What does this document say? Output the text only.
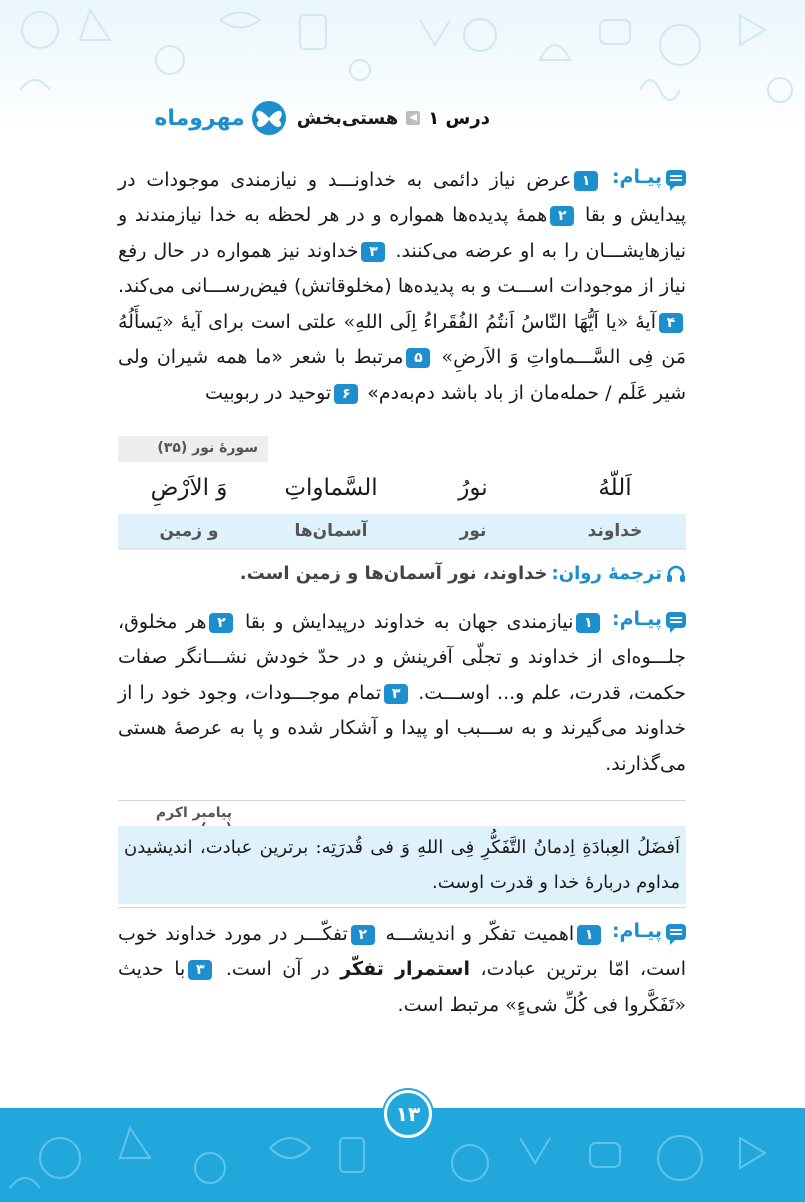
درس ۱
◀
هستی‌بخش
مهروماه
پیـام:
۱عرض نیاز دائمی به خداونـــد و نیازمندی موجودات در پیدایش و بقا ۲همهٔ پدیده‌ها همواره و در هر لحظه به خدا نیازمندند و نیازهایشـــان را به او عرضه می‌کنند. ۳خداوند نیز همواره در حال رفع نیاز از موجودات اســـت و به پدیده‌ها (مخلوقاتش) فیض‌رســـانی می‌کند. ۴آیهٔ «یا اَیُّهَا النّاسُ اَنتُمُ الفُقَراءُ اِلَی اللهِ» علتی است برای آیهٔ «یَسأَلُهُ مَن فِی السَّـــماواتِ وَ الاَرضِ» ۵مرتبط با شعر «ما همه شیران ولی شیر عَلَم / حمله‌مان از باد باشد دم‌به‌دم» ۶توحید در ربوبیت
سورهٔ نور (۳۵)
اَللّهُ
نورُ
السَّماواتِ
وَ الاَرْضِ
خداوند
نور
آسمان‌ها
و زمین
ترجمهٔ روان:
خداوند، نور آسمان‌ها و زمین است.
پیـام:
۱نیازمندی جهان به خداوند درپیدایش و بقا ۲هر مخلوق، جلـــوه‌ای از خداوند و تجلّی آفرینش و در حدّ خودش نشـــانگر صفات حکمت، قدرت، علم و... اوســـت. ۳تمام موجـــودات، وجود خود را از خداوند می‌گیرند و به ســـبب او پیدا و آشکار شده و پا به عرصهٔ هستی می‌گذارند.
پیامبر اکرم
اَفضَلُ العِبادَةِ اِدمانُ التَّفَکُّرِ فِی اللهِ وَ فی قُدرَتِه: برترین عبادت، اندیشیدن مداوم دربارهٔ خدا و قدرت اوست.
پیـام:
۱اهمیت تفکّر و اندیشـــه ۲تفکّـــر در مورد خداوند خوب است، امّا برترین عبادت، استمرار تفکّر در آن است. ۳با حدیث «تَفَکَّروا فی کُلِّ شیءٍ» مرتبط است.
۱۳
